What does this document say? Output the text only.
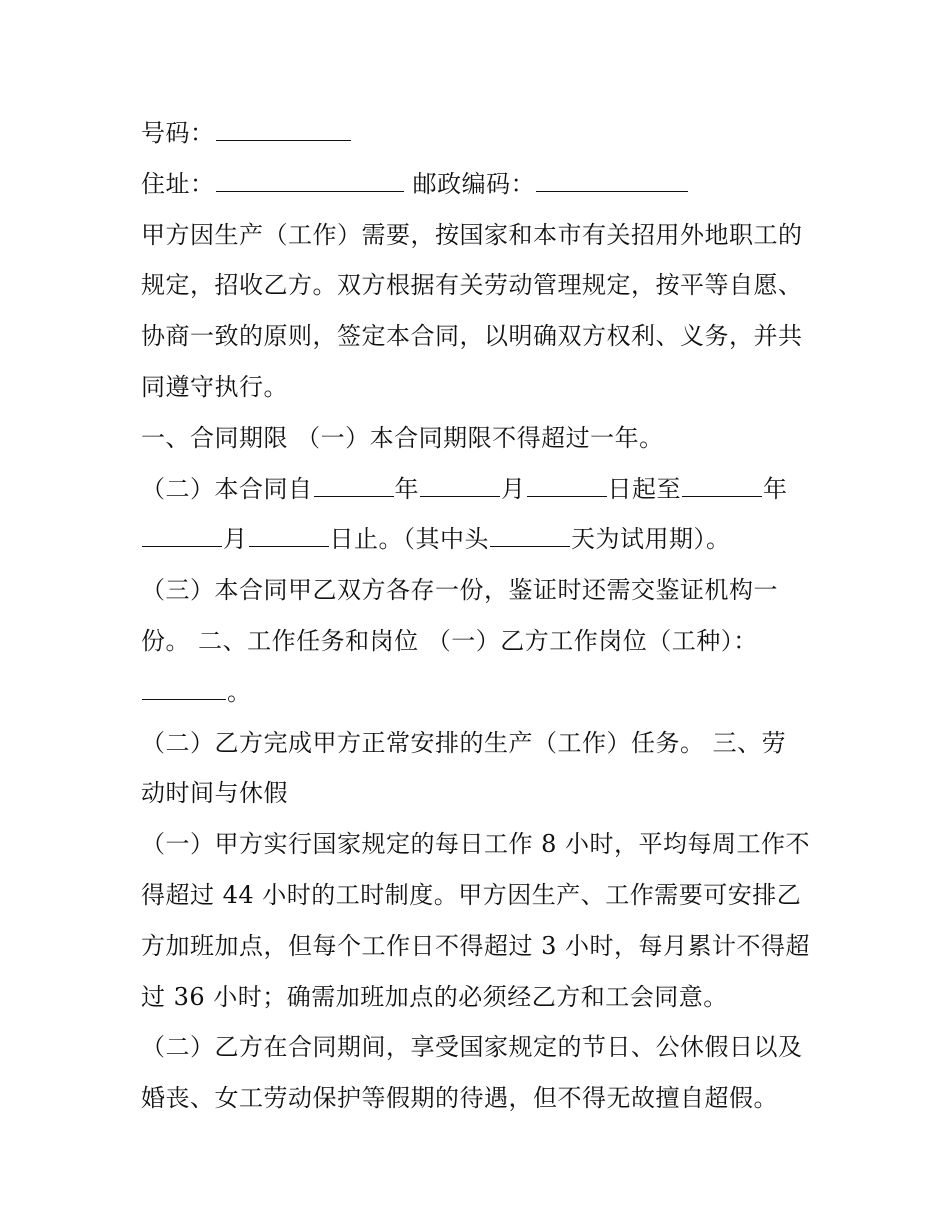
号码：
住址：	邮政编码：
甲方因生产（工作）需要，按国家和本市有关招用外地职工的
规定，招收乙方。双方根据有关劳动管理规定，按平等自愿、
协商一致的原则，签定本合同，以明确双方权利、义务，并共
同遵守执行。
一、合同期限 （一）本合同期限不得超过一年。
（二）本合同自	年	月	日起至	年
月	日止。（其中头	天为试用期）。
（三）本合同甲乙双方各存一份，鉴证时还需交鉴证机构一
份。 二、工作任务和岗位 （一）乙方工作岗位（工种）：
。
（二）乙方完成甲方正常安排的生产（工作）任务。 三、劳
动时间与休假
（一）甲方实行国家规定的每日工作 8 小时，平均每周工作不
得超过 44 小时的工时制度。甲方因生产、工作需要可安排乙
方加班加点，但每个工作日不得超过 3 小时，每月累计不得超
过 36 小时；确需加班加点的必须经乙方和工会同意。
（二）乙方在合同期间，享受国家规定的节日、公休假日以及
婚丧、女工劳动保护等假期的待遇，但不得无故擅自超假。
